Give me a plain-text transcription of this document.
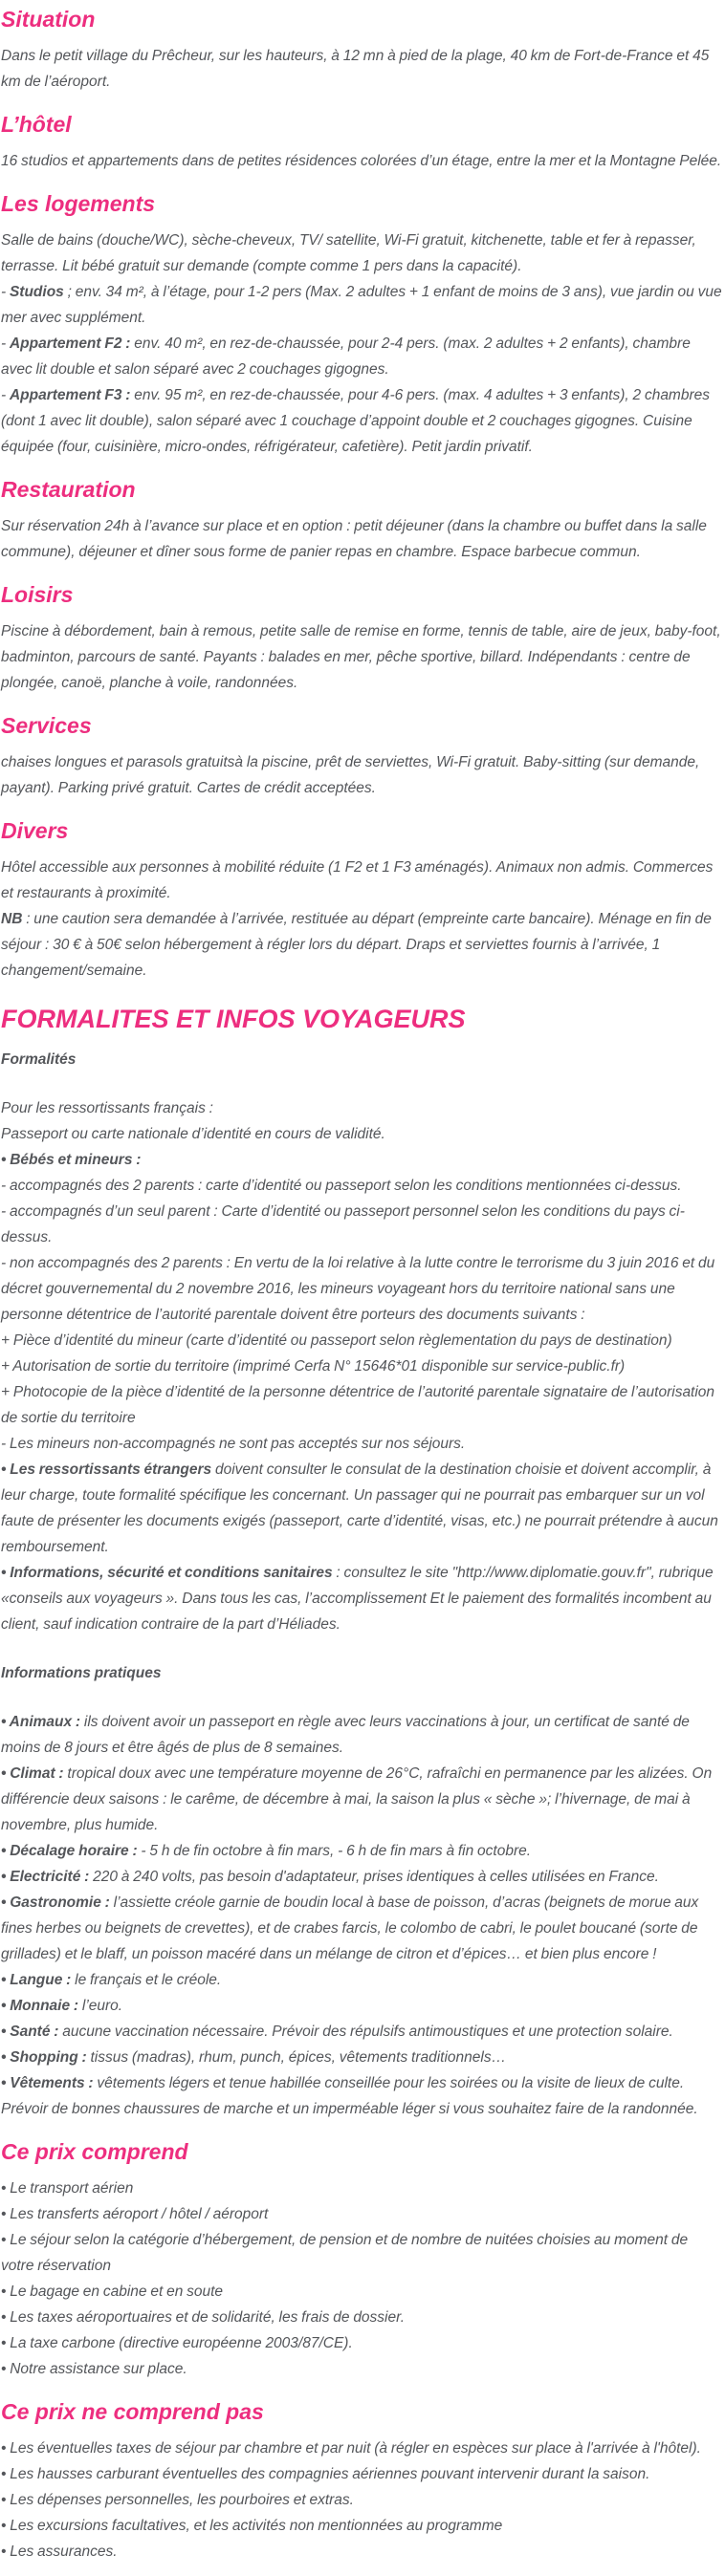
Situation

Dans le petit village du Prêcheur, sur les hauteurs, à 12 mn à pied de la plage, 40 km de Fort-de-France et 45 km de l’aéroport.

L’hôtel

16 studios et appartements dans de petites résidences colorées d’un étage, entre la mer et la Montagne Pelée.

Les logements

Salle de bains (douche/WC), sèche-cheveux, TV/ satellite, Wi-Fi gratuit, kitchenette, table et fer à repasser, terrasse. Lit bébé gratuit sur demande (compte comme 1 pers dans la capacité).

- Studios ; env. 34 m², à l’étage, pour 1-2 pers (Max. 2 adultes + 1 enfant de moins de 3 ans), vue jardin ou vue mer avec supplément.

- Appartement F2 : env. 40 m², en rez-de-chaussée, pour 2-4 pers. (max. 2 adultes + 2 enfants), chambre avec lit double et salon séparé avec 2 couchages gigognes.

- Appartement F3 : env. 95 m², en rez-de-chaussée, pour 4-6 pers. (max. 4 adultes + 3 enfants), 2 chambres (dont 1 avec lit double), salon séparé avec 1 couchage d’appoint double et 2 couchages gigognes. Cuisine équipée (four, cuisinière, micro-ondes, réfrigérateur, cafetière). Petit jardin privatif.

Restauration

Sur réservation 24h à l’avance sur place et en option : petit déjeuner (dans la chambre ou buffet dans la salle commune), déjeuner et dîner sous forme de panier repas en chambre. Espace barbecue commun.

Loisirs

Piscine à débordement, bain à remous, petite salle de remise en forme, tennis de table, aire de jeux, baby-foot, badminton, parcours de santé. Payants : balades en mer, pêche sportive, billard. Indépendants : centre de plongée, canoë, planche à voile, randonnées.

Services

chaises longues et parasols gratuitsà la piscine, prêt de serviettes, Wi-Fi gratuit. Baby-sitting (sur demande, payant). Parking privé gratuit. Cartes de crédit acceptées.

Divers

Hôtel accessible aux personnes à mobilité réduite (1 F2 et 1 F3 aménagés). Animaux non admis. Commerces et restaurants à proximité.

NB : une caution sera demandée à l’arrivée, restituée au départ (empreinte carte bancaire). Ménage en fin de séjour : 30 € à 50€ selon hébergement à régler lors du départ. Draps et serviettes fournis à l’arrivée, 1 changement/semaine.

FORMALITES ET INFOS VOYAGEURS

Formalités

Pour les ressortissants français :

Passeport ou carte nationale d’identité en cours de validité.

• Bébés et mineurs :

- accompagnés des 2 parents : carte d’identité ou passeport selon les conditions mentionnées ci-dessus.

- accompagnés d’un seul parent : Carte d’identité ou passeport personnel selon les conditions du pays ci-dessus.

- non accompagnés des 2 parents : En vertu de la loi relative à la lutte contre le terrorisme du 3 juin 2016 et du décret gouvernemental du 2 novembre 2016, les mineurs voyageant hors du territoire national sans une personne détentrice de l’autorité parentale doivent être porteurs des documents suivants :

+ Pièce d’identité du mineur (carte d’identité ou passeport selon règlementation du pays de destination)

+ Autorisation de sortie du territoire (imprimé Cerfa N° 15646*01 disponible sur service-public.fr)

+ Photocopie de la pièce d’identité de la personne détentrice de l’autorité parentale signataire de l’autorisation de sortie du territoire

- Les mineurs non-accompagnés ne sont pas acceptés sur nos séjours.

• Les ressortissants étrangers doivent consulter le consulat de la destination choisie et doivent accomplir, à leur charge, toute formalité spécifique les concernant. Un passager qui ne pourrait pas embarquer sur un vol faute de présenter les documents exigés (passeport, carte d’identité, visas, etc.) ne pourrait prétendre à aucun remboursement.

• Informations, sécurité et conditions sanitaires : consultez le site "http://www.diplomatie.gouv.fr", rubrique «conseils aux voyageurs ». Dans tous les cas, l’accomplissement Et le paiement des formalités incombent au client, sauf indication contraire de la part d’Héliades.

Informations pratiques

• Animaux : ils doivent avoir un passeport en règle avec leurs vaccinations à jour, un certificat de santé de moins de 8 jours et être âgés de plus de 8 semaines.

• Climat : tropical doux avec une température moyenne de 26°C, rafraîchi en permanence par les alizées. On différencie deux saisons : le carême, de décembre à mai, la saison la plus « sèche »; l’hivernage, de mai à novembre, plus humide.

• Décalage horaire : - 5 h de fin octobre à fin mars, - 6 h de fin mars à fin octobre.

• Electricité : 220 à 240 volts, pas besoin d'adaptateur, prises identiques à celles utilisées en France.

• Gastronomie : l’assiette créole garnie de boudin local à base de poisson, d’acras (beignets de morue aux fines herbes ou beignets de crevettes), et de crabes farcis, le colombo de cabri, le poulet boucané (sorte de grillades) et le blaff, un poisson macéré dans un mélange de citron et d’épices… et bien plus encore !

• Langue : le français et le créole.

• Monnaie : l’euro.

• Santé : aucune vaccination nécessaire. Prévoir des répulsifs antimoustiques et une protection solaire.

• Shopping : tissus (madras), rhum, punch, épices, vêtements traditionnels…

• Vêtements : vêtements légers et tenue habillée conseillée pour les soirées ou la visite de lieux de culte. Prévoir de bonnes chaussures de marche et un imperméable léger si vous souhaitez faire de la randonnée.

Ce prix comprend

• Le transport aérien

• Les transferts aéroport / hôtel / aéroport

• Le séjour selon la catégorie d’hébergement, de pension et de nombre de nuitées choisies au moment de votre réservation

• Le bagage en cabine et en soute

• Les taxes aéroportuaires et de solidarité, les frais de dossier.

• La taxe carbone (directive européenne 2003/87/CE).

• Notre assistance sur place.

Ce prix ne comprend pas

• Les éventuelles taxes de séjour par chambre et par nuit (à régler en espèces sur place à l'arrivée à l'hôtel).

• Les hausses carburant éventuelles des compagnies aériennes pouvant intervenir durant la saison.

• Les dépenses personnelles, les pourboires et extras.

• Les excursions facultatives, et les activités non mentionnées au programme

• Les assurances.
